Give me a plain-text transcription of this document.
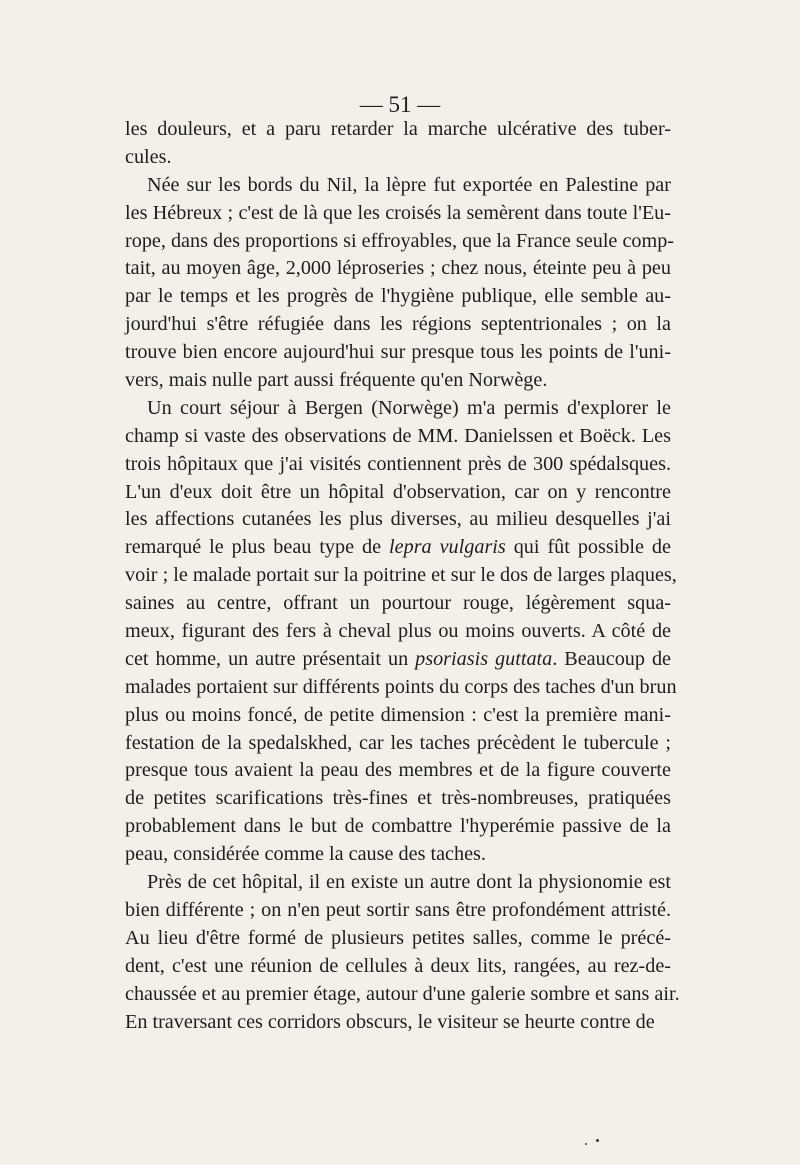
— 51 —
les douleurs, et a paru retarder la marche ulcérative des tuber-
cules.
Née sur les bords du Nil, la lèpre fut exportée en Palestine par
les Hébreux ; c'est de là que les croisés la semèrent dans toute l'Eu-
rope, dans des proportions si effroyables, que la France seule comp-
tait, au moyen âge, 2,000 léproseries ; chez nous, éteinte peu à peu
par le temps et les progrès de l'hygiène publique, elle semble au-
jourd'hui s'être réfugiée dans les régions septentrionales ; on la
trouve bien encore aujourd'hui sur presque tous les points de l'uni-
vers, mais nulle part aussi fréquente qu'en Norwège.
Un court séjour à Bergen (Norwège) m'a permis d'explorer le
champ si vaste des observations de MM. Danielssen et Boëck. Les
trois hôpitaux que j'ai visités contiennent près de 300 spédalsques.
L'un d'eux doit être un hôpital d'observation, car on y rencontre
les affections cutanées les plus diverses, au milieu desquelles j'ai
remarqué le plus beau type de lepra vulgaris qui fût possible de
voir ; le malade portait sur la poitrine et sur le dos de larges plaques,
saines au centre, offrant un pourtour rouge, légèrement squa-
meux, figurant des fers à cheval plus ou moins ouverts. A côté de
cet homme, un autre présentait un psoriasis guttata. Beaucoup de
malades portaient sur différents points du corps des taches d'un brun
plus ou moins foncé, de petite dimension : c'est la première mani-
festation de la spedalskhed, car les taches précèdent le tubercule ;
presque tous avaient la peau des membres et de la figure couverte
de petites scarifications très-fines et très-nombreuses, pratiquées
probablement dans le but de combattre l'hyperémie passive de la
peau, considérée comme la cause des taches.
Près de cet hôpital, il en existe un autre dont la physionomie est
bien différente ; on n'en peut sortir sans être profondément attristé.
Au lieu d'être formé de plusieurs petites salles, comme le précé-
dent, c'est une réunion de cellules à deux lits, rangées, au rez-de-
chaussée et au premier étage, autour d'une galerie sombre et sans air.
En traversant ces corridors obscurs, le visiteur se heurte contre de
